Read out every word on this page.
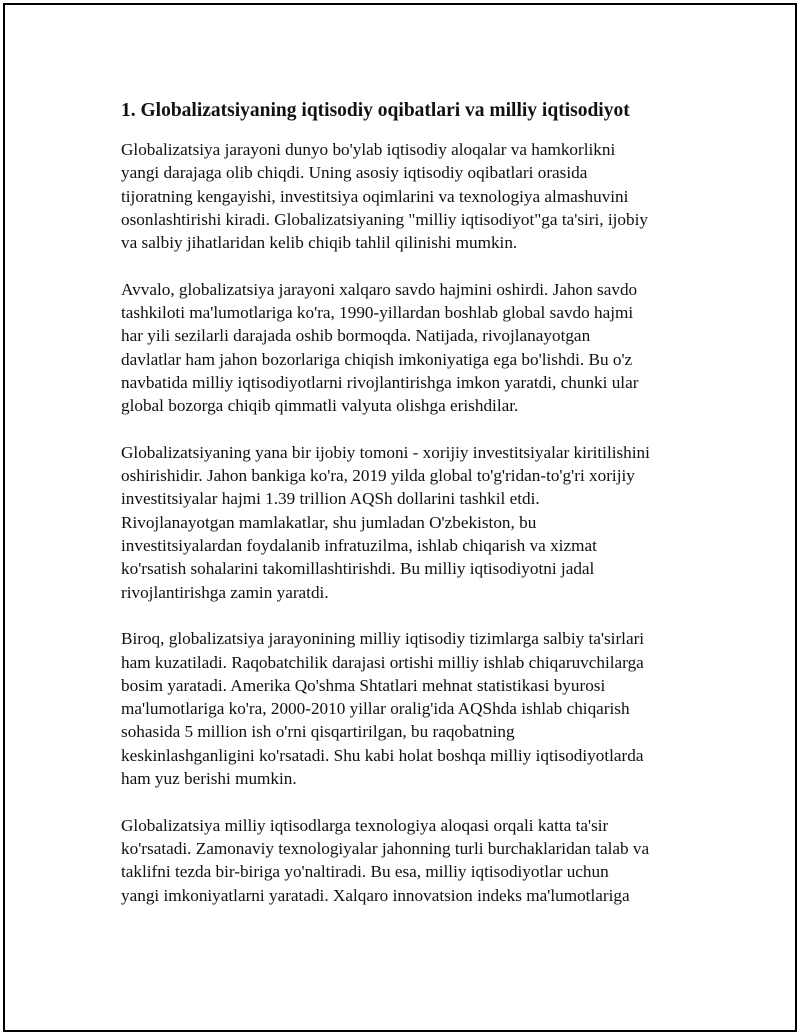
1. Globalizatsiyaning iqtisodiy oqibatlari va milliy iqtisodiyot

Globalizatsiya jarayoni dunyo bo'ylab iqtisodiy aloqalar va hamkorlikni
yangi darajaga olib chiqdi. Uning asosiy iqtisodiy oqibatlari orasida
tijoratning kengayishi, investitsiya oqimlarini va texnologiya almashuvini
osonlashtirishi kiradi. Globalizatsiyaning "milliy iqtisodiyot"ga ta'siri, ijobiy
va salbiy jihatlaridan kelib chiqib tahlil qilinishi mumkin.

Avvalo, globalizatsiya jarayoni xalqaro savdo hajmini oshirdi. Jahon savdo
tashkiloti ma'lumotlariga ko'ra, 1990-yillardan boshlab global savdo hajmi
har yili sezilarli darajada oshib bormoqda. Natijada, rivojlanayotgan
davlatlar ham jahon bozorlariga chiqish imkoniyatiga ega bo'lishdi. Bu o'z
navbatida milliy iqtisodiyotlarni rivojlantirishga imkon yaratdi, chunki ular
global bozorga chiqib qimmatli valyuta olishga erishdilar.

Globalizatsiyaning yana bir ijobiy tomoni - xorijiy investitsiyalar kiritilishini
oshirishidir. Jahon bankiga ko'ra, 2019 yilda global to'g'ridan-to'g'ri xorijiy
investitsiyalar hajmi 1.39 trillion AQSh dollarini tashkil etdi.
Rivojlanayotgan mamlakatlar, shu jumladan O'zbekiston, bu
investitsiyalardan foydalanib infratuzilma, ishlab chiqarish va xizmat
ko'rsatish sohalarini takomillashtirishdi. Bu milliy iqtisodiyotni jadal
rivojlantirishga zamin yaratdi.

Biroq, globalizatsiya jarayonining milliy iqtisodiy tizimlarga salbiy ta'sirlari
ham kuzatiladi. Raqobatchilik darajasi ortishi milliy ishlab chiqaruvchilarga
bosim yaratadi. Amerika Qo'shma Shtatlari mehnat statistikasi byurosi
ma'lumotlariga ko'ra, 2000-2010 yillar oralig'ida AQShda ishlab chiqarish
sohasida 5 million ish o'rni qisqartirilgan, bu raqobatning
keskinlashganligini ko'rsatadi. Shu kabi holat boshqa milliy iqtisodiyotlarda
ham yuz berishi mumkin.

Globalizatsiya milliy iqtisodlarga texnologiya aloqasi orqali katta ta'sir
ko'rsatadi. Zamonaviy texnologiyalar jahonning turli burchaklaridan talab va
taklifni tezda bir-biriga yo'naltiradi. Bu esa, milliy iqtisodiyotlar uchun
yangi imkoniyatlarni yaratadi. Xalqaro innovatsion indeks ma'lumotlariga
